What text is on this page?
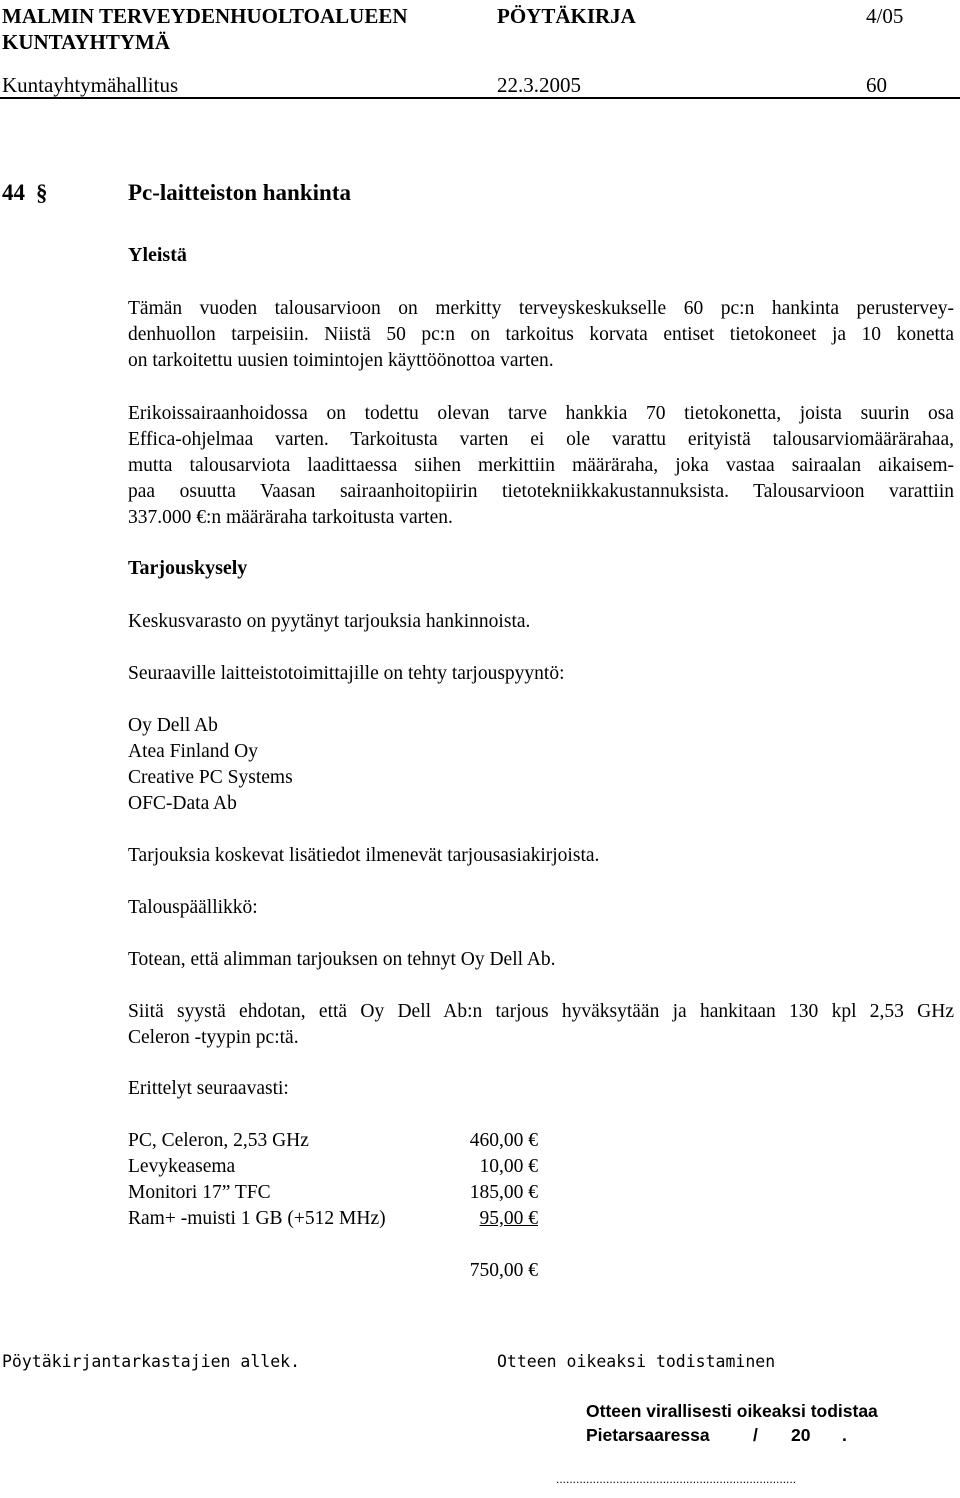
MALMIN TERVEYDENHUOLTOALUEEN
KUNTAYHTYMÄ
PÖYTÄKIRJA	4/05
Kuntayhtymähallitus	22.3.2005	60
44 §	Pc-laitteiston hankinta
Yleistä
Tämän vuoden talousarvioon on merkitty terveyskeskukselle 60 pc:n hankinta perustervey-
denhuollon tarpeisiin. Niistä 50 pc:n on tarkoitus korvata entiset tietokoneet ja 10 konetta
on tarkoitettu uusien toimintojen käyttöönottoa varten.
Erikoissairaanhoidossa on todettu olevan tarve hankkia 70 tietokonetta, joista suurin osa
Effica-ohjelmaa varten. Tarkoitusta varten ei ole varattu erityistä talousarviomäärärahaa,
mutta talousarviota laadittaessa siihen merkittiin määräraha, joka vastaa sairaalan aikaisem-
paa osuutta Vaasan sairaanhoitopiirin tietotekniikkakustannuksista. Talousarvioon varattiin
337.000 €:n määräraha tarkoitusta varten.
Tarjouskysely
Keskusvarasto on pyytänyt tarjouksia hankinnoista.
Seuraaville laitteistotoimittajille on tehty tarjouspyyntö:
Oy Dell Ab
Atea Finland Oy
Creative PC Systems
OFC-Data Ab
Tarjouksia koskevat lisätiedot ilmenevät tarjousasiakirjoista.
Talouspäällikkö:
Totean, että alimman tarjouksen on tehnyt Oy Dell Ab.
Siitä syystä ehdotan, että Oy Dell Ab:n tarjous hyväksytään ja hankitaan 130 kpl 2,53 GHz
Celeron -tyypin pc:tä.
Erittelyt seuraavasti:
PC, Celeron, 2,53 GHz	460,00 €
Levykeasema	10,00 €
Monitori 17” TFC	185,00 €
Ram+ -muisti 1 GB (+512 MHz)	95,00 €
750,00 €
Pöytäkirjantarkastajien allek.	Otteen oikeaksi todistaminen
Otteen virallisesti oikeaksi todistaa
Pietarsaaressa / 20 .
........................................................................
